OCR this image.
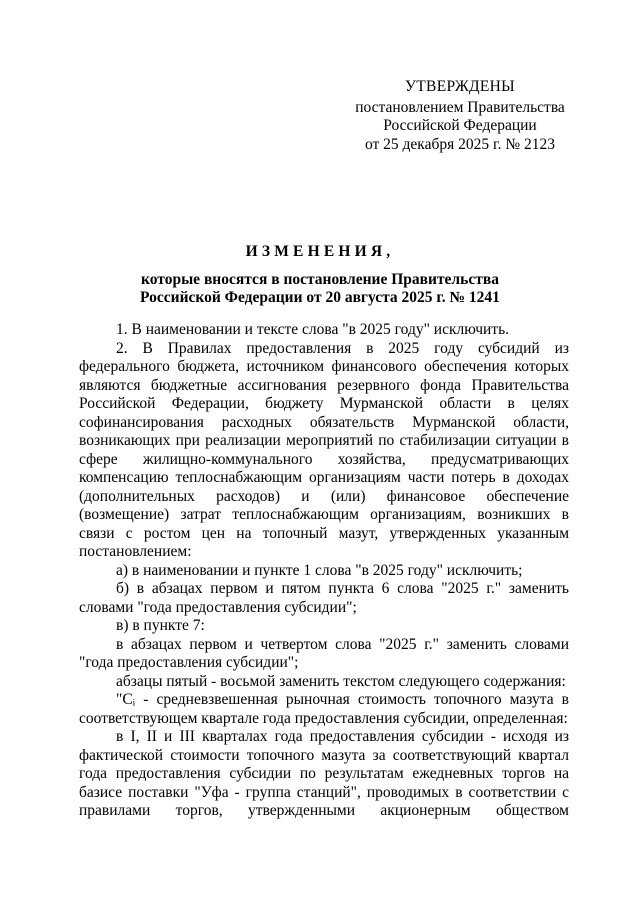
УТВЕРЖДЕНЫ
постановлением Правительства
Российской Федерации
от 25 декабря 2025 г. № 2123
ИЗМЕНЕНИЯ,
которые вносятся в постановление Правительства
Российской Федерации от 20 августа 2025 г. № 1241

1. В наименовании и тексте слова "в 2025 году" исключить.

2. В Правилах предоставления в 2025 году субсидий из федерального бюджета, источником финансового обеспечения которых являются бюджетные ассигнования резервного фонда Правительства Российской Федерации, бюджету Мурманской области в целях софинансирования расходных обязательств Мурманской области, возникающих при реализации мероприятий по стабилизации ситуации в сфере жилищно-коммунального хозяйства, предусматривающих компенсацию теплоснабжающим организациям части потерь в доходах (дополнительных расходов) и (или) финансовое обеспечение (возмещение) затрат теплоснабжающим организациям, возникших в связи с ростом цен на топочный мазут, утвержденных указанным постановлением:

а) в наименовании и пункте 1 слова "в 2025 году" исключить;

б) в абзацах первом и пятом пункта 6 слова "2025 г." заменить словами "года предоставления субсидии";

в) в пункте 7:

в абзацах первом и четвертом слова "2025 г." заменить словами "года предоставления субсидии";

абзацы пятый - восьмой заменить текстом следующего содержания:

"Cᵢ - средневзвешенная рыночная стоимость топочного мазута в соответствующем квартале года предоставления субсидии, определенная:

в I, II и III кварталах года предоставления субсидии - исходя из фактической стоимости топочного мазута за соответствующий квартал года предоставления субсидии по результатам ежедневных торгов на базисе поставки "Уфа - группа станций", проводимых в соответствии с правилами торгов, утвержденными акционерным обществом
